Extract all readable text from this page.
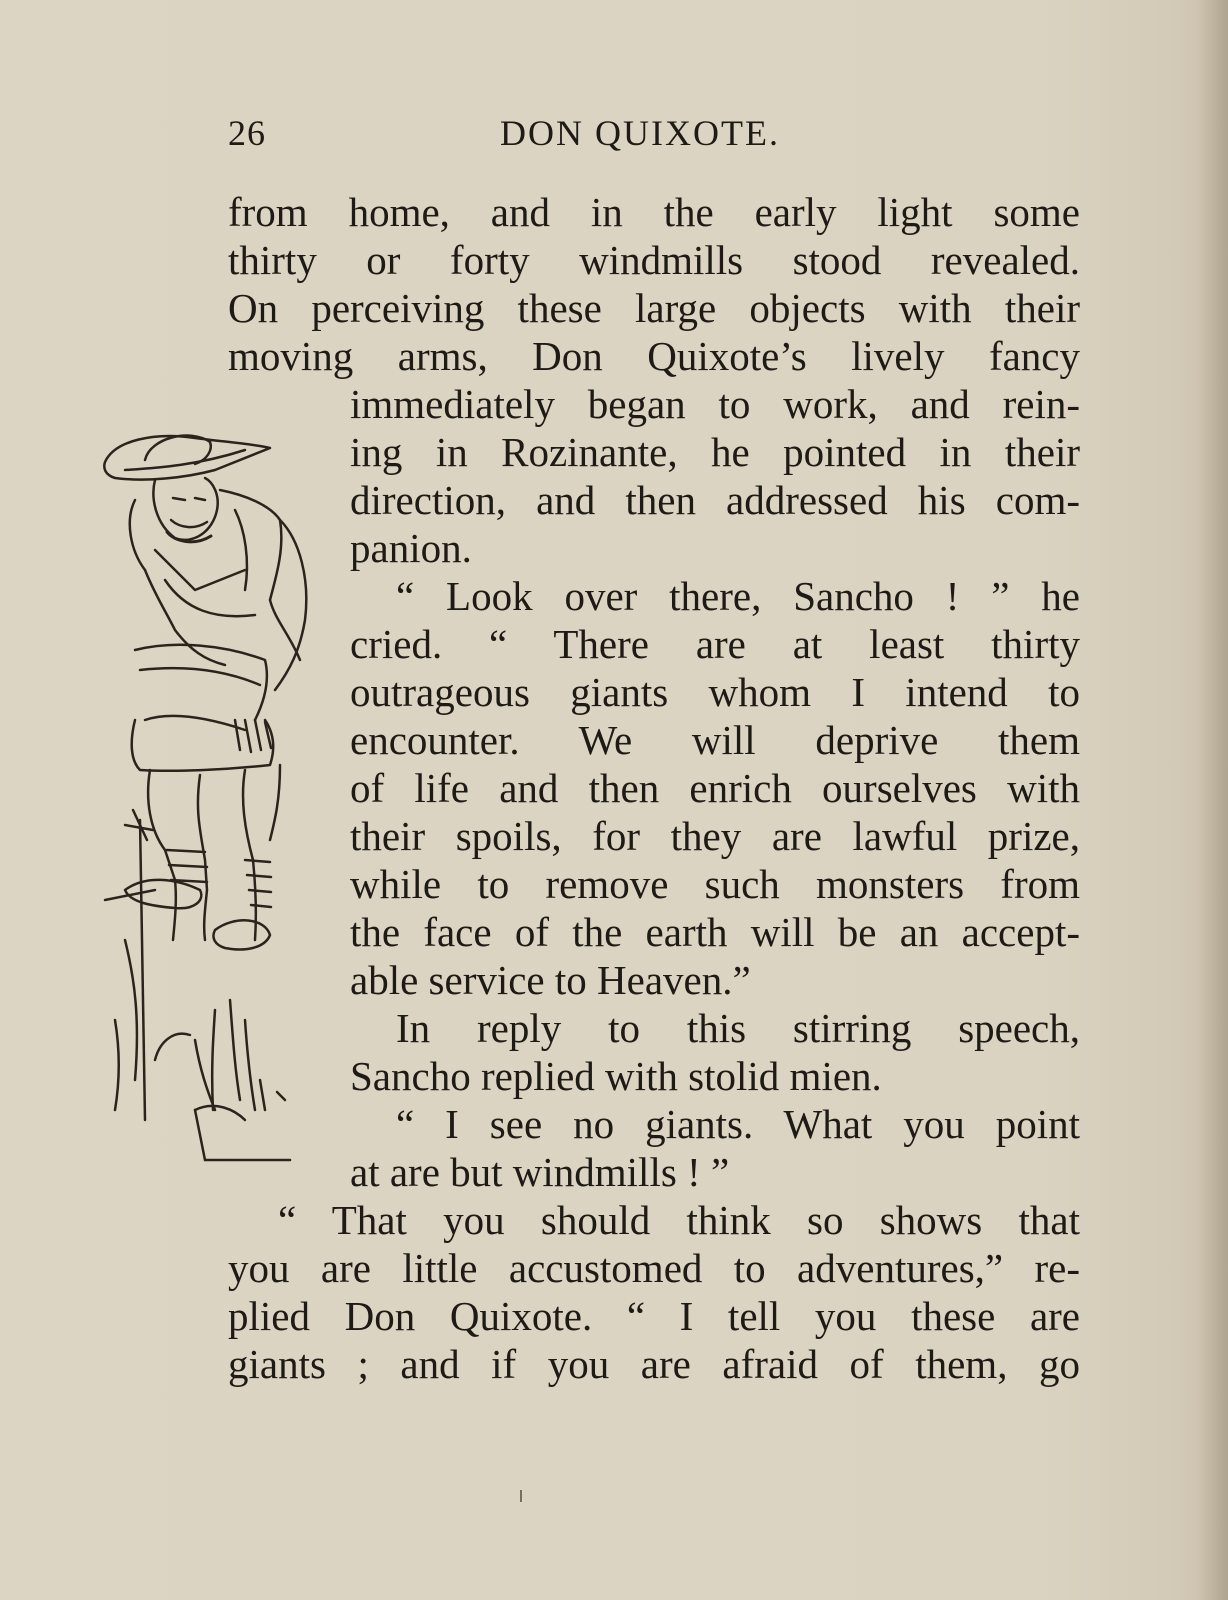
26	DON QUIXOTE.
from home, and in the early light some
thirty or forty windmills stood revealed.
On perceiving these large objects with their
moving arms, Don Quixote’s lively fancy
immediately began to work, and rein-
ing in Rozinante, he pointed in their
direction, and then addressed his com-
panion.
“ Look over there, Sancho ! ” he
cried. “ There are at least thirty
outrageous giants whom I intend to
encounter. We will deprive them
of life and then enrich ourselves with
their spoils, for they are lawful prize,
while to remove such monsters from
the face of the earth will be an accept-
able service to Heaven.”
In reply to this stirring speech,
Sancho replied with stolid mien.
“ I see no giants. What you point
at are but windmills ! ”
“ That you should think so shows that
you are little accustomed to adventures,” re-
plied Don Quixote. “ I tell you these are
giants ; and if you are afraid of them, go
